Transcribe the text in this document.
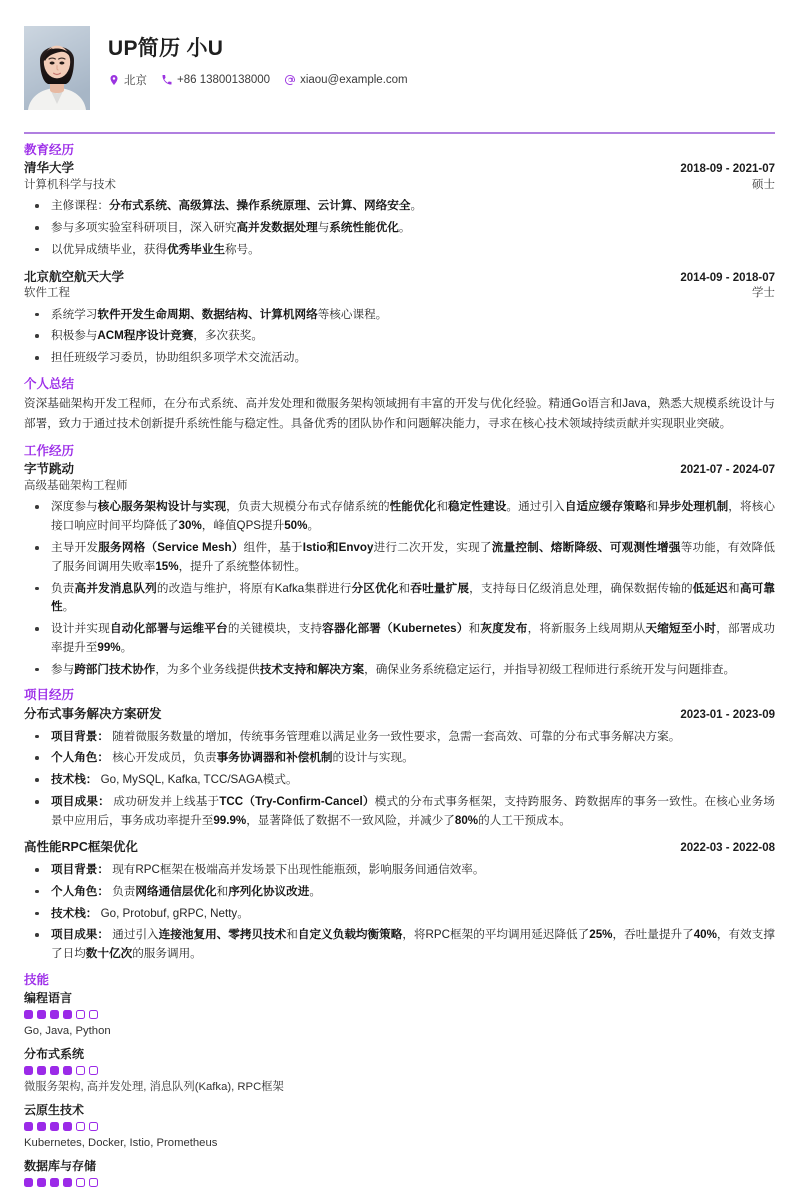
UP简历 小U
北京	+86 13800138000	xiaou@example.com
教育经历
清华大学	2018-09 - 2021-07
计算机科学与技术	硕士
主修课程：分布式系统、高级算法、操作系统原理、云计算、网络安全。
参与多项实验室科研项目，深入研究高并发数据处理与系统性能优化。
以优异成绩毕业，获得优秀毕业生称号。
北京航空航天大学	2014-09 - 2018-07
软件工程	学士
系统学习软件开发生命周期、数据结构、计算机网络等核心课程。
积极参与ACM程序设计竞赛，多次获奖。
担任班级学习委员，协助组织多项学术交流活动。
个人总结
资深基础架构开发工程师，在分布式系统、高并发处理和微服务架构领域拥有丰富的开发与优化经验。精通Go语言和Java，熟悉大规模系统设计与部署，致力于通过技术创新提升系统性能与稳定性。具备优秀的团队协作和问题解决能力，寻求在核心技术领域持续贡献并实现职业突破。
工作经历
字节跳动	2021-07 - 2024-07
高级基础架构工程师
深度参与核心服务架构设计与实现，负责大规模分布式存储系统的性能优化和稳定性建设。通过引入自适应缓存策略和异步处理机制，将核心接口响应时间平均降低了30%，峰值QPS提升50%。
主导开发服务网格（Service Mesh）组件，基于Istio和Envoy进行二次开发，实现了流量控制、熔断降级、可观测性增强等功能，有效降低了服务间调用失败率15%，提升了系统整体韧性。
负责高并发消息队列的改造与维护，将原有Kafka集群进行分区优化和吞吐量扩展，支持每日亿级消息处理，确保数据传输的低延迟和高可靠性。
设计并实现自动化部署与运维平台的关键模块，支持容器化部署（Kubernetes）和灰度发布，将新服务上线周期从天缩短至小时，部署成功率提升至99%。
参与跨部门技术协作，为多个业务线提供技术支持和解决方案，确保业务系统稳定运行，并指导初级工程师进行系统开发与问题排查。
项目经历
分布式事务解决方案研发	2023-01 - 2023-09
项目背景： 随着微服务数量的增加，传统事务管理难以满足业务一致性要求，急需一套高效、可靠的分布式事务解决方案。
个人角色： 核心开发成员，负责事务协调器和补偿机制的设计与实现。
技术栈： Go, MySQL, Kafka, TCC/SAGA模式。
项目成果： 成功研发并上线基于TCC（Try-Confirm-Cancel）模式的分布式事务框架，支持跨服务、跨数据库的事务一致性。在核心业务场景中应用后，事务成功率提升至99.9%，显著降低了数据不一致风险，并减少了80%的人工干预成本。
高性能RPC框架优化	2022-03 - 2022-08
项目背景： 现有RPC框架在极端高并发场景下出现性能瓶颈，影响服务间通信效率。
个人角色： 负责网络通信层优化和序列化协议改进。
技术栈： Go, Protobuf, gRPC, Netty。
项目成果： 通过引入连接池复用、零拷贝技术和自定义负载均衡策略，将RPC框架的平均调用延迟降低了25%，吞吐量提升了40%，有效支撑了日均数十亿次的服务调用。
技能
编程语言
Go, Java, Python
分布式系统
微服务架构, 高并发处理, 消息队列(Kafka), RPC框架
云原生技术
Kubernetes, Docker, Istio, Prometheus
数据库与存储
